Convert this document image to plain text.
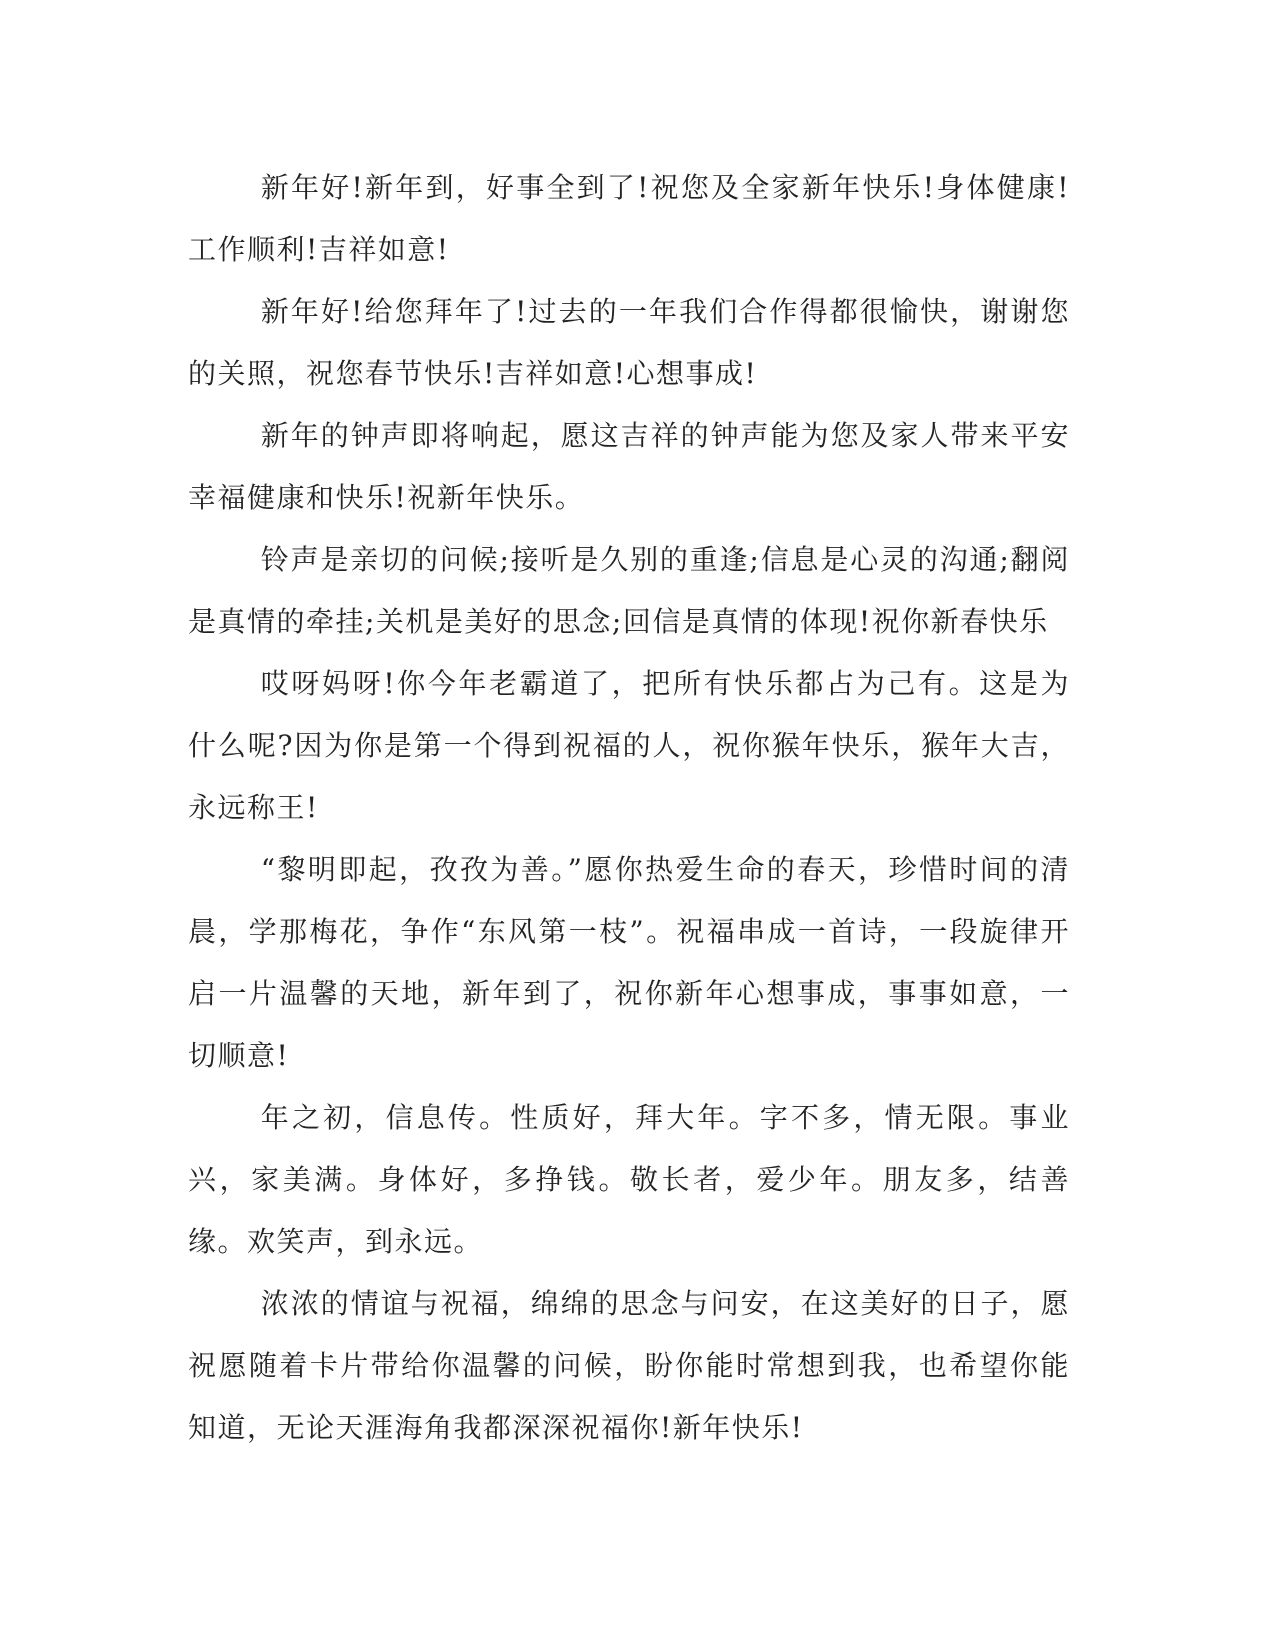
新年好!新年到，好事全到了!祝您及全家新年快乐!身体健康!工作顺利!吉祥如意!

新年好!给您拜年了!过去的一年我们合作得都很愉快，谢谢您的关照，祝您春节快乐!吉祥如意!心想事成!

新年的钟声即将响起，愿这吉祥的钟声能为您及家人带来平安幸福健康和快乐!祝新年快乐。

铃声是亲切的问候;接听是久别的重逢;信息是心灵的沟通;翻阅是真情的牵挂;关机是美好的思念;回信是真情的体现!祝你新春快乐

哎呀妈呀!你今年老霸道了，把所有快乐都占为己有。这是为什么呢?因为你是第一个得到祝福的人，祝你猴年快乐，猴年大吉，永远称王!

“黎明即起，孜孜为善。”愿你热爱生命的春天，珍惜时间的清晨，学那梅花，争作“东风第一枝”。祝福串成一首诗，一段旋律开启一片温馨的天地，新年到了，祝你新年心想事成，事事如意，一切顺意!

年之初，信息传。性质好，拜大年。字不多，情无限。事业兴，家美满。身体好，多挣钱。敬长者，爱少年。朋友多，结善缘。欢笑声，到永远。

浓浓的情谊与祝福，绵绵的思念与问安，在这美好的日子，愿祝愿随着卡片带给你温馨的问候，盼你能时常想到我，也希望你能知道，无论天涯海角我都深深祝福你!新年快乐!
